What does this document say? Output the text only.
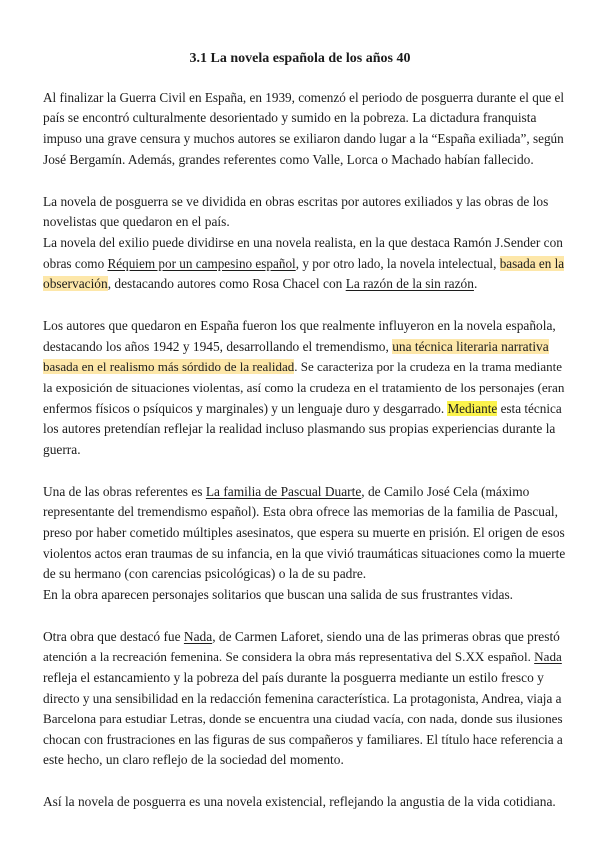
3.1 La novela española de los años 40
Al finalizar la Guerra Civil en España, en 1939, comenzó el periodo de posguerra durante el que el
país se encontró culturalmente desorientado y sumido en la pobreza. La dictadura franquista
impuso una grave censura y muchos autores se exiliaron dando lugar a la “España exiliada”, según
José Bergamín. Además, grandes referentes como Valle, Lorca o Machado habían fallecido.
La novela de posguerra se ve dividida en obras escritas por autores exiliados y las obras de los
novelistas que quedaron en el país.
La novela del exilio puede dividirse en una novela realista, en la que destaca Ramón J.Sender con
obras como Réquiem por un campesino español, y por otro lado, la novela intelectual, basada en la
observación, destacando autores como Rosa Chacel con La razón de la sin razón.
Los autores que quedaron en España fueron los que realmente influyeron en la novela española,
destacando los años 1942 y 1945, desarrollando el tremendismo, una técnica literaria narrativa
basada en el realismo más sórdido de la realidad. Se caracteriza por la crudeza en la trama mediante
la exposición de situaciones violentas, así como la crudeza en el tratamiento de los personajes (eran
enfermos físicos o psíquicos y marginales) y un lenguaje duro y desgarrado. Mediante esta técnica
los autores pretendían reflejar la realidad incluso plasmando sus propias experiencias durante la
guerra.
Una de las obras referentes es La familia de Pascual Duarte, de Camilo José Cela (máximo
representante del tremendismo español). Esta obra ofrece las memorias de la familia de Pascual,
preso por haber cometido múltiples asesinatos, que espera su muerte en prisión. El origen de esos
violentos actos eran traumas de su infancia, en la que vivió traumáticas situaciones como la muerte
de su hermano (con carencias psicológicas) o la de su padre.
En la obra aparecen personajes solitarios que buscan una salida de sus frustrantes vidas.
Otra obra que destacó fue Nada, de Carmen Laforet, siendo una de las primeras obras que prestó
atención a la recreación femenina. Se considera la obra más representativa del S.XX español. Nada
refleja el estancamiento y la pobreza del país durante la posguerra mediante un estilo fresco y
directo y una sensibilidad en la redacción femenina característica. La protagonista, Andrea, viaja a
Barcelona para estudiar Letras, donde se encuentra una ciudad vacía, con nada, donde sus ilusiones
chocan con frustraciones en las figuras de sus compañeros y familiares. El título hace referencia a
este hecho, un claro reflejo de la sociedad del momento.
Así la novela de posguerra es una novela existencial, reflejando la angustia de la vida cotidiana.
